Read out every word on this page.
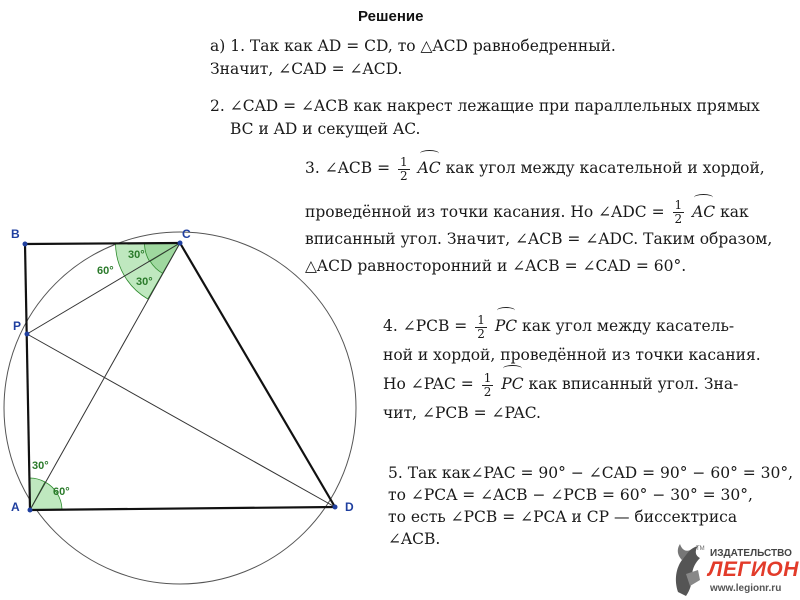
Решение
B	C
P
A	D
30°
60°
30°
30°
60°
а) 1. Так как AD = CD, то △ACD равнобедренный.
Значит, ∠CAD = ∠ACD.
2. ∠CAD = ∠ACB как накрест лежащие при параллельных прямых
BC и AD и секущей AC.
3. ∠ACB = $\frac{1}{2}$ AC как угол между касательной и хордой,
проведённой из точки касания. Но ∠ADC = $\frac{1}{2}$ AC как
вписанный угол. Значит, ∠ACB = ∠ADC. Таким образом,
△ACD равносторонний и ∠ACB = ∠CAD = 60°.
4. ∠PCB = $\frac{1}{2}$ PC как угол между касатель-
ной и хордой, проведённой из точки касания.
Но ∠PAC = $\frac{1}{2}$ PC как вписанный угол. Зна-
чит, ∠PCB = ∠PAC.
5. Так как∠PAC = 90° − ∠CAD = 90° − 60° = 30°,
то ∠PCA = ∠ACB − ∠PCB = 60° − 30° = 30°,
то есть ∠PCB = ∠PCA и CP — биссектриса
∠ACB.
TM ИЗДАТЕЛЬСТВО
ЛЕГИОН
www.legionr.ru
